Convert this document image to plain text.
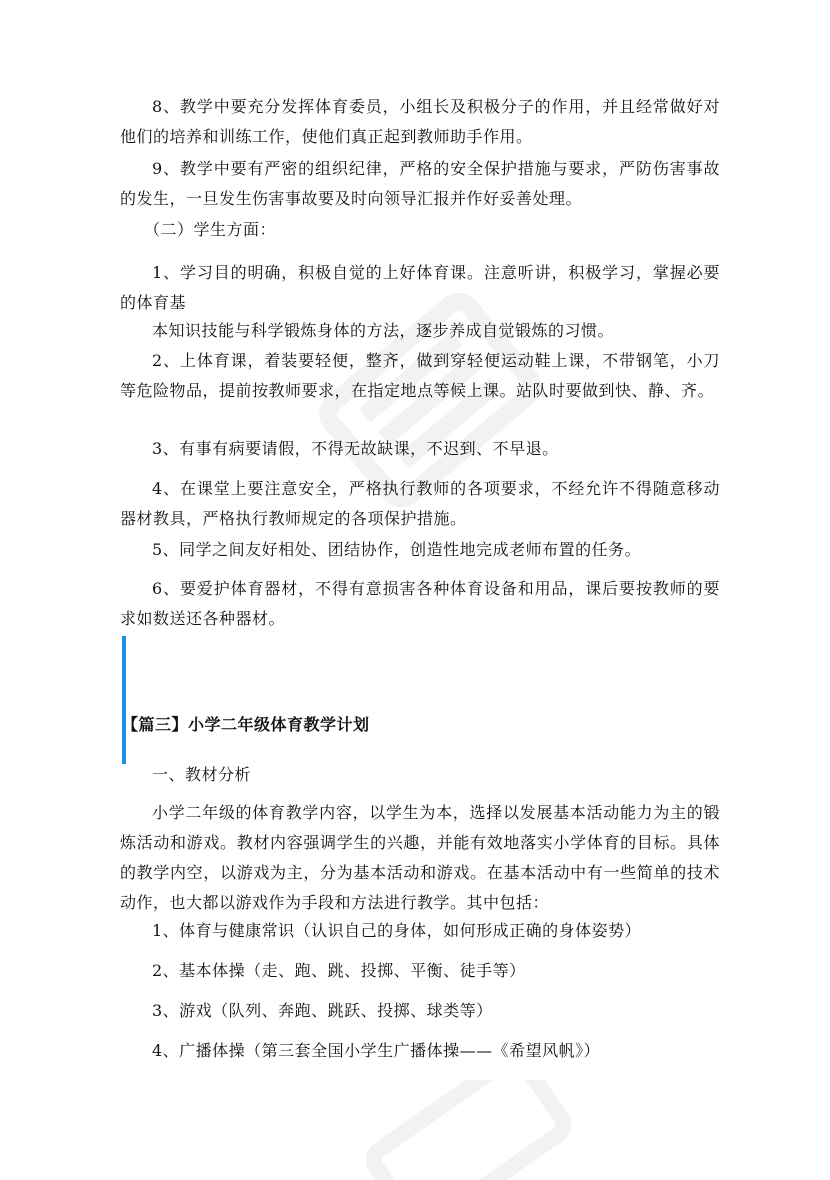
8、教学中要充分发挥体育委员，小组长及积极分子的作用，并且经常做好对他们的培养和训练工作，使他们真正起到教师助手作用。

9、教学中要有严密的组织纪律，严格的安全保护措施与要求，严防伤害事故的发生，一旦发生伤害事故要及时向领导汇报并作好妥善处理。

（二）学生方面：

1、学习目的明确，积极自觉的上好体育课。注意听讲，积极学习，掌握必要的体育基

本知识技能与科学锻炼身体的方法，逐步养成自觉锻炼的习惯。

2、上体育课，着装要轻便，整齐，做到穿轻便运动鞋上课，不带钢笔，小刀等危险物品，提前按教师要求，在指定地点等候上课。站队时要做到快、静、齐。

3、有事有病要请假，不得无故缺课，不迟到、不早退。

4、在课堂上要注意安全，严格执行教师的各项要求，不经允许不得随意移动器材教具，严格执行教师规定的各项保护措施。

5、同学之间友好相处、团结协作，创造性地完成老师布置的任务。

6、要爱护体育器材，不得有意损害各种体育设备和用品，课后要按教师的要求如数送还各种器材。

【篇三】小学二年级体育教学计划

一、教材分析

小学二年级的体育教学内容，以学生为本，选择以发展基本活动能力为主的锻炼活动和游戏。教材内容强调学生的兴趣，并能有效地落实小学体育的目标。具体的教学内空，以游戏为主，分为基本活动和游戏。在基本活动中有一些简单的技术动作，也大都以游戏作为手段和方法进行教学。其中包括：

1、体育与健康常识（认识自己的身体，如何形成正确的身体姿势）

2、基本体操（走、跑、跳、投掷、平衡、徒手等）

3、游戏（队列、奔跑、跳跃、投掷、球类等）

4、广播体操（第三套全国小学生广播体操——《希望风帆》）
